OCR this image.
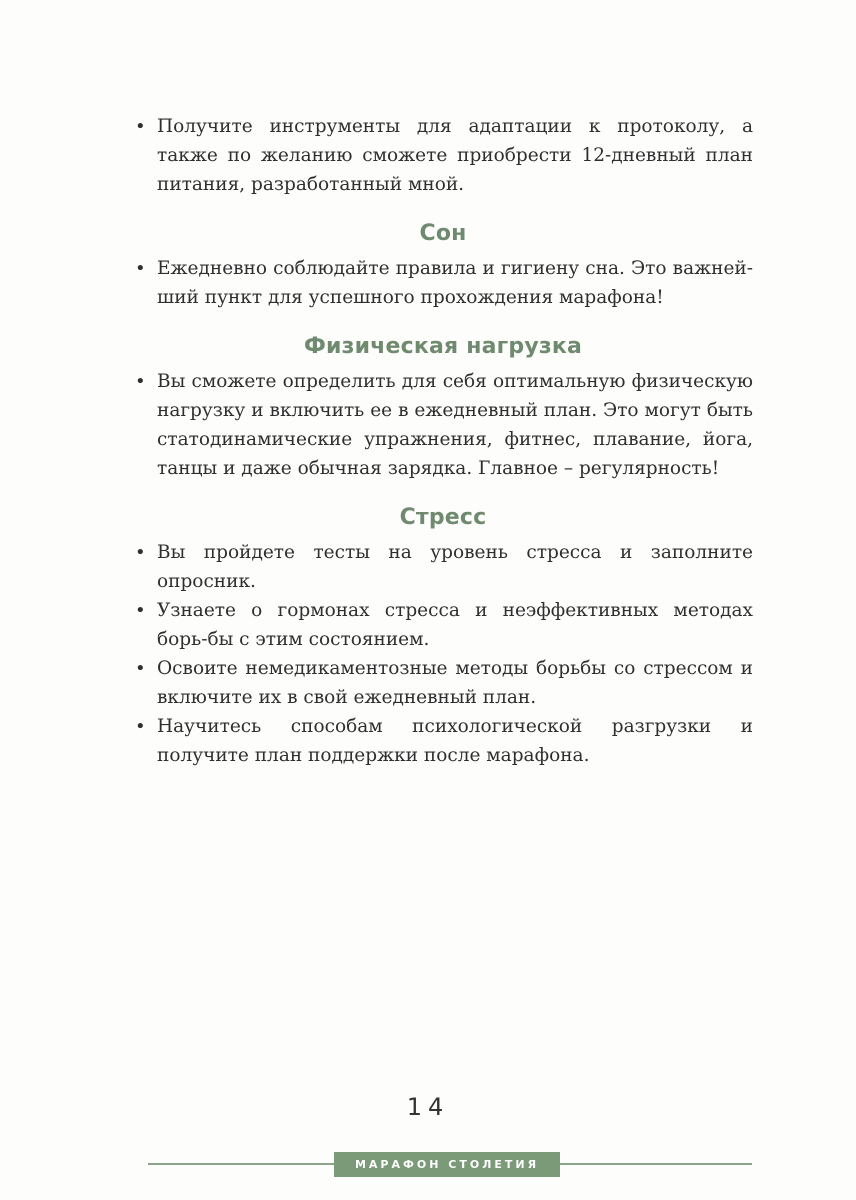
• Получите инструменты для адаптации к протоколу, а также по желанию сможете приобрести 12-дневный план питания, разработанный мной.
Сон
• Ежедневно соблюдайте правила и гигиену сна. Это важней-ший пункт для успешного прохождения марафона!
Физическая нагрузка
• Вы сможете определить для себя оптимальную физическую нагрузку и включить ее в ежедневный план. Это могут быть статодинамические упражнения, фитнес, плавание, йога, танцы и даже обычная зарядка. Главное – регулярность!
Стресс
• Вы пройдете тесты на уровень стресса и заполните опросник.
• Узнаете о гормонах стресса и неэффективных методах борь-бы с этим состоянием.
• Освоите немедикаментозные методы борьбы со стрессом и включите их в свой ежедневный план.
• Научитесь способам психологической разгрузки и получите план поддержки после марафона.
14
МАРАФОН СТОЛЕТИЯ
